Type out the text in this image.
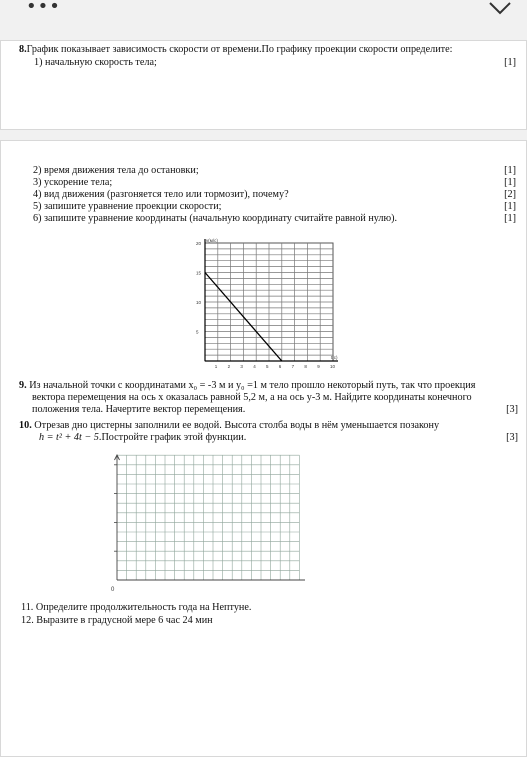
•••
8.График показывает зависимость скорости от времени.По графику проекции скорости определите:
1) начальную скорость тела;	[1]
2) время движения тела до остановки;	[1]
3) ускорение тела;	[1]
4) вид движения (разгоняется тело или тормозит), почему?	[2]
5) запишите уравнение проекции скорости;	[1]
6) запишите уравнение координаты (начальную координату считайте равной нулю).	[1]
1 2 3 4 5 6 7 8 9 10
5
10
15
20
v(м/с)
t(с)
9. Из начальной точки с координатами x₀ = -3 м и y₀ =1 м тело прошло некоторый путь, так что проекция
вектора перемещения на ось x оказалась равной 5,2 м, а на ось y-3 м. Найдите координаты конечного
положения тела. Начертите вектор перемещения.	[3]
10. Отрезав дно цистерны заполнили ее водой. Высота столба воды в нём уменьшается позакону
h = t² + 4t − 5.Постройте график этой функции.	[3]
0
11. Определите продолжительность года на Нептуне.
12. Выразите в градусной мере 6 час 24 мин
